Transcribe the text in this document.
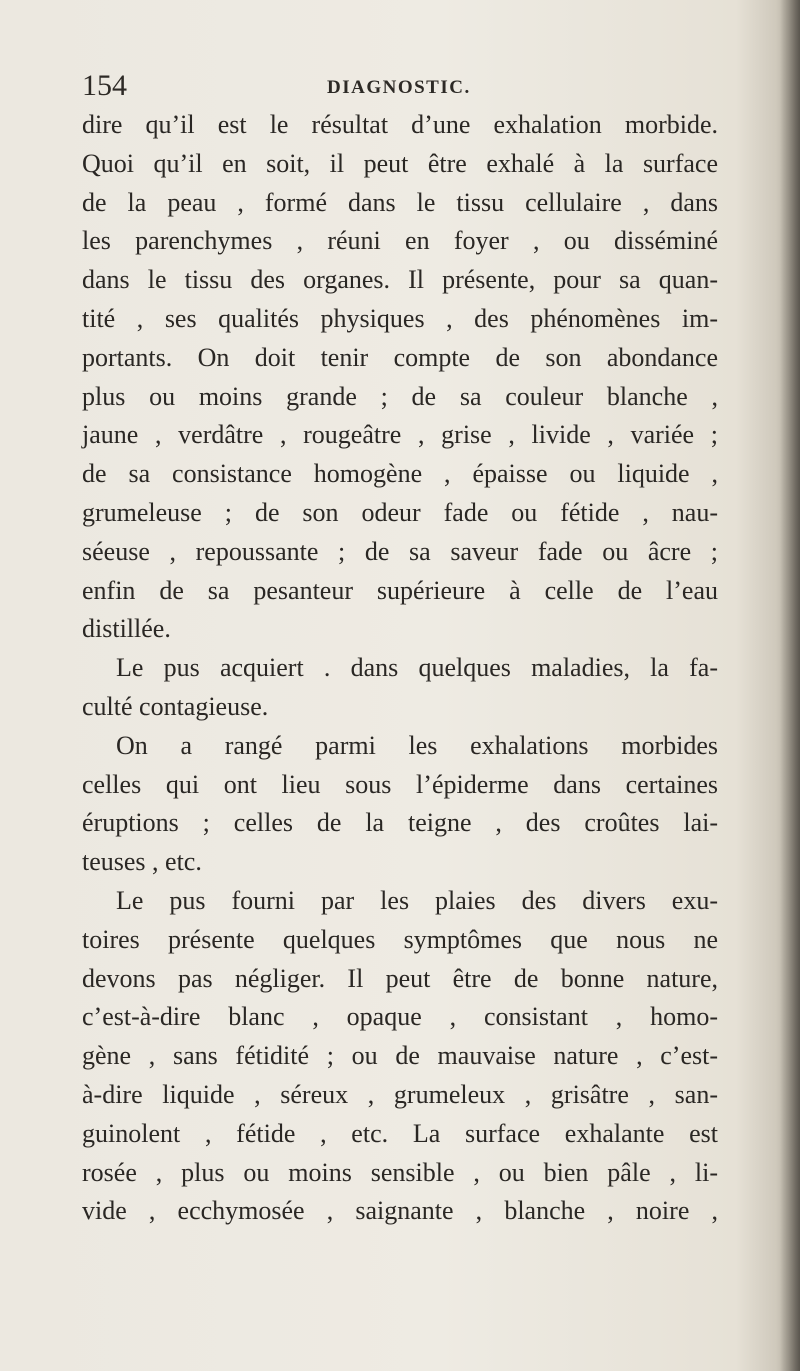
154	DIAGNOSTIC.
dire qu’il est le résultat d’une exhalation morbide.
Quoi qu’il en soit, il peut être exhalé à la surface
de la peau , formé dans le tissu cellulaire , dans
les parenchymes , réuni en foyer , ou disséminé
dans le tissu des organes. Il présente, pour sa quan-
tité , ses qualités physiques , des phénomènes im-
portants. On doit tenir compte de son abondance
plus ou moins grande ; de sa couleur blanche ,
jaune , verdâtre , rougeâtre , grise , livide , variée ;
de sa consistance homogène , épaisse ou liquide ,
grumeleuse ; de son odeur fade ou fétide , nau-
séeuse , repoussante ; de sa saveur fade ou âcre ;
enfin de sa pesanteur supérieure à celle de l’eau
distillée.
Le pus acquiert . dans quelques maladies, la fa-
culté contagieuse.
On a rangé parmi les exhalations morbides
celles qui ont lieu sous l’épiderme dans certaines
éruptions ; celles de la teigne , des croûtes lai-
teuses , etc.
Le pus fourni par les plaies des divers exu-
toires présente quelques symptômes que nous ne
devons pas négliger. Il peut être de bonne nature,
c’est-à-dire blanc , opaque , consistant , homo-
gène , sans fétidité ; ou de mauvaise nature , c’est-
à-dire liquide , séreux , grumeleux , grisâtre , san-
guinolent , fétide , etc. La surface exhalante est
rosée , plus ou moins sensible , ou bien pâle , li-
vide , ecchymosée , saignante , blanche , noire ,
